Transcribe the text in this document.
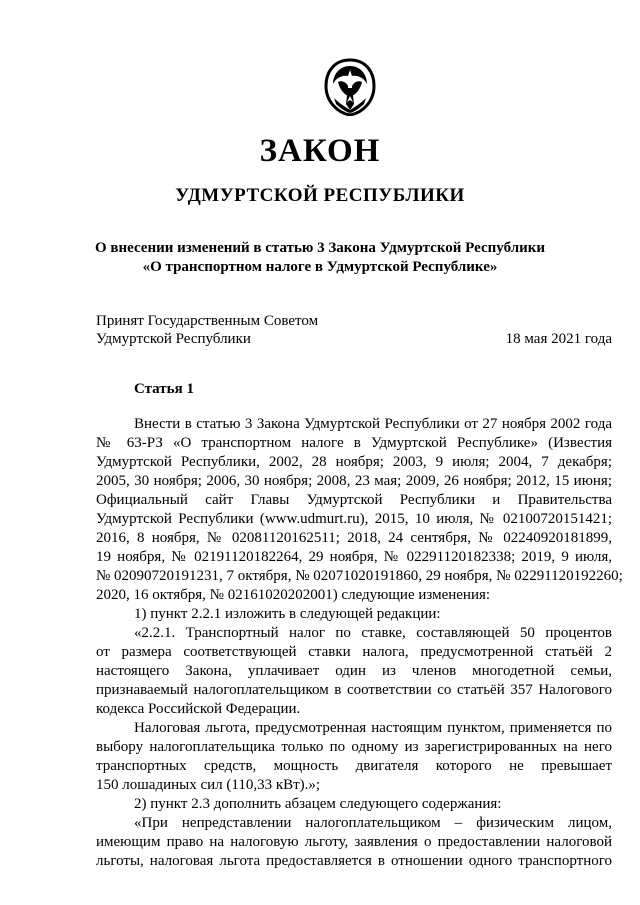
ЗАКОН
УДМУРТСКОЙ РЕСПУБЛИКИ
О внесении изменений в статью 3 Закона Удмуртской Республики
«О транспортном налоге в Удмуртской Республике»
Принят Государственным Советом
Удмуртской Республики	18 мая 2021 года
Статья 1
Внести в статью 3 Закона Удмуртской Республики от 27 ноября 2002 года
№ 63-РЗ «О транспортном налоге в Удмуртской Республике» (Известия
Удмуртской Республики, 2002, 28 ноября; 2003, 9 июля; 2004, 7 декабря;
2005, 30 ноября; 2006, 30 ноября; 2008, 23 мая; 2009, 26 ноября; 2012, 15 июня;
Официальный сайт Главы Удмуртской Республики и Правительства
Удмуртской Республики (www.udmurt.ru), 2015, 10 июля, № 02100720151421;
2016, 8 ноября, № 02081120162511; 2018, 24 сентября, № 02240920181899,
19 ноября, № 02191120182264, 29 ноября, № 02291120182338; 2019, 9 июля,
№ 02090720191231, 7 октября, № 02071020191860, 29 ноября, № 02291120192260;
2020, 16 октября, № 02161020202001) следующие изменения:
1) пункт 2.2.1 изложить в следующей редакции:
«2.2.1. Транспортный налог по ставке, составляющей 50 процентов
от размера соответствующей ставки налога, предусмотренной статьёй 2
настоящего Закона, уплачивает один из членов многодетной семьи,
признаваемый налогоплательщиком в соответствии со статьёй 357 Налогового
кодекса Российской Федерации.
Налоговая льгота, предусмотренная настоящим пунктом, применяется по
выбору налогоплательщика только по одному из зарегистрированных на него
транспортных средств, мощность двигателя которого не превышает
150 лошадиных сил (110,33 кВт).»;
2) пункт 2.3 дополнить абзацем следующего содержания:
«При непредставлении налогоплательщиком – физическим лицом,
имеющим право на налоговую льготу, заявления о предоставлении налоговой
льготы, налоговая льгота предоставляется в отношении одного транспортного
